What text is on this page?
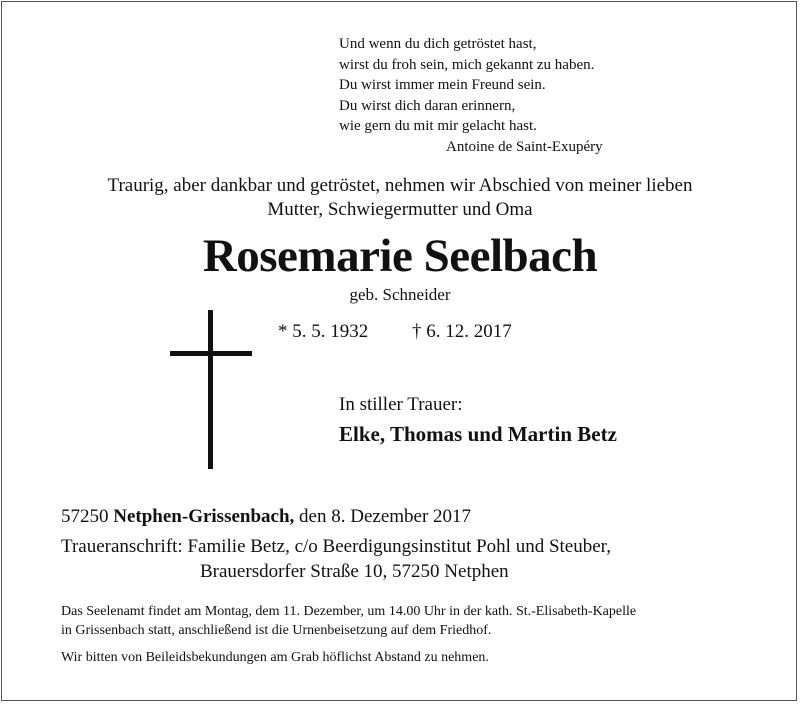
Und wenn du dich getröstet hast,
wirst du froh sein, mich gekannt zu haben.
Du wirst immer mein Freund sein.
Du wirst dich daran erinnern,
wie gern du mit mir gelacht hast.
Antoine de Saint-Exupéry
Traurig, aber dankbar und getröstet, nehmen wir Abschied von meiner lieben
Mutter, Schwiegermutter und Oma
Rosemarie Seelbach
geb. Schneider
* 5. 5. 1932 † 6. 12. 2017
In stiller Trauer:
Elke, Thomas und Martin Betz
57250 Netphen-Grissenbach, den 8. Dezember 2017
Traueranschrift: Familie Betz, c/o Beerdigungsinstitut Pohl und Steuber,
Brauersdorfer Straße 10, 57250 Netphen
Das Seelenamt findet am Montag, dem 11. Dezember, um 14.00 Uhr in der kath. St.-Elisabeth-Kapelle
in Grissenbach statt, anschließend ist die Urnenbeisetzung auf dem Friedhof.
Wir bitten von Beileidsbekundungen am Grab höflichst Abstand zu nehmen.
